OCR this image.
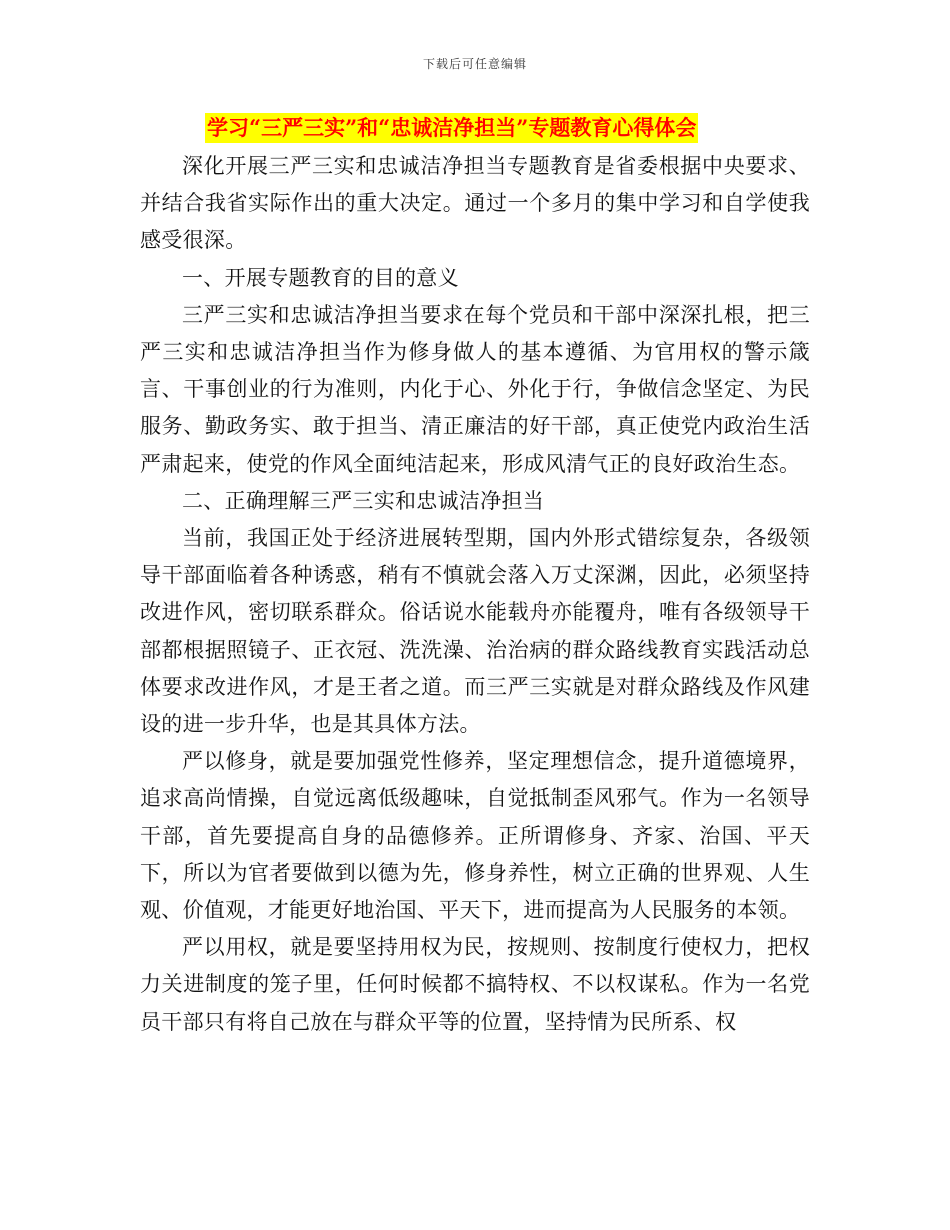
下载后可任意编辑
学习“三严三实”和“忠诚洁净担当”专题教育心得体会

深化开展三严三实和忠诚洁净担当专题教育是省委根据中央要求、并结合我省实际作出的重大决定。通过一个多月的集中学习和自学使我感受很深。

一、开展专题教育的目的意义

三严三实和忠诚洁净担当要求在每个党员和干部中深深扎根，把三严三实和忠诚洁净担当作为修身做人的基本遵循、为官用权的警示箴言、干事创业的行为准则，内化于心、外化于行，争做信念坚定、为民服务、勤政务实、敢于担当、清正廉洁的好干部，真正使党内政治生活严肃起来，使党的作风全面纯洁起来，形成风清气正的良好政治生态。

二、正确理解三严三实和忠诚洁净担当

当前，我国正处于经济进展转型期，国内外形式错综复杂，各级领导干部面临着各种诱惑，稍有不慎就会落入万丈深渊，因此，必须坚持改进作风，密切联系群众。俗话说水能载舟亦能覆舟，唯有各级领导干部都根据照镜子、正衣冠、洗洗澡、治治病的群众路线教育实践活动总体要求改进作风，才是王者之道。而三严三实就是对群众路线及作风建设的进一步升华，也是其具体方法。

严以修身，就是要加强党性修养，坚定理想信念，提升道德境界，追求高尚情操，自觉远离低级趣味，自觉抵制歪风邪气。作为一名领导干部，首先要提高自身的品德修养。正所谓修身、齐家、治国、平天下，所以为官者要做到以德为先，修身养性，树立正确的世界观、人生观、价值观，才能更好地治国、平天下，进而提高为人民服务的本领。

严以用权，就是要坚持用权为民，按规则、按制度行使权力，把权力关进制度的笼子里，任何时候都不搞特权、不以权谋私。作为一名党员干部只有将自己放在与群众平等的位置，坚持情为民所系、权
